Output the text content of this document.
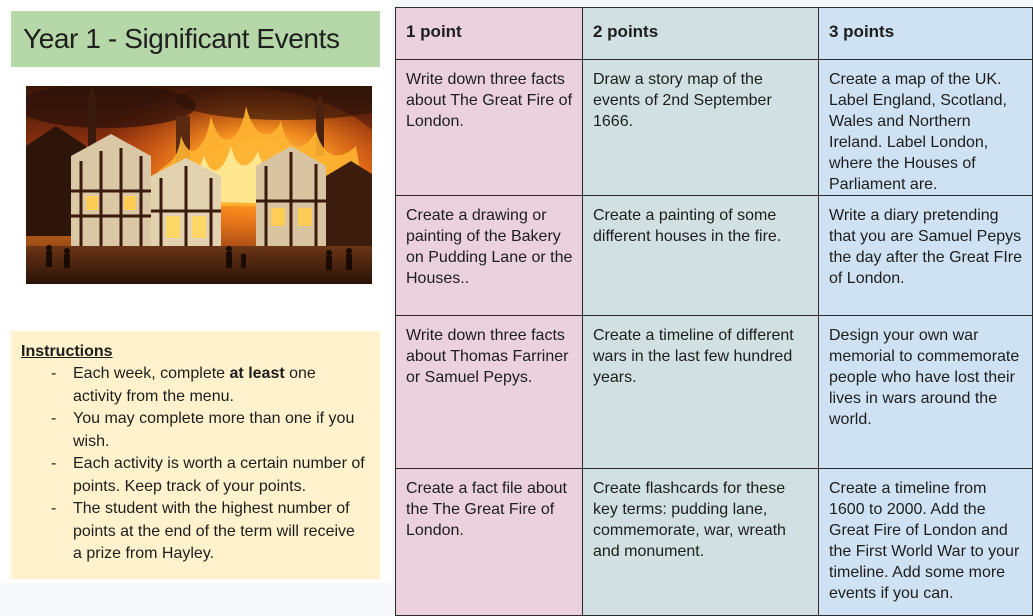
Year 1 - Significant Events
Instructions
- Each week, complete at least one activity from the menu.
- You may complete more than one if you wish.
- Each activity is worth a certain number of points. Keep track of your points.
- The student with the highest number of points at the end of the term will receive a prize from Hayley.
1 point	2 points	3 points
Write down three facts about The Great Fire of London.	Draw a story map of the events of 2nd September 1666.	Create a map of the UK. Label England, Scotland, Wales and Northern Ireland. Label London, where the Houses of Parliament are.
Create a drawing or painting of the Bakery on Pudding Lane or the Houses..	Create a painting of some different houses in the fire.	Write a diary pretending that you are Samuel Pepys the day after the Great FIre of London.
Write down three facts about Thomas Farriner or Samuel Pepys.	Create a timeline of different wars in the last few hundred years.	Design your own war memorial to commemorate people who have lost their lives in wars around the world.
Create a fact file about the The Great Fire of London.	Create flashcards for these key terms: pudding lane, commemorate, war, wreath and monument.	Create a timeline from 1600 to 2000. Add the Great Fire of London and the First World War to your timeline. Add some more events if you can.
